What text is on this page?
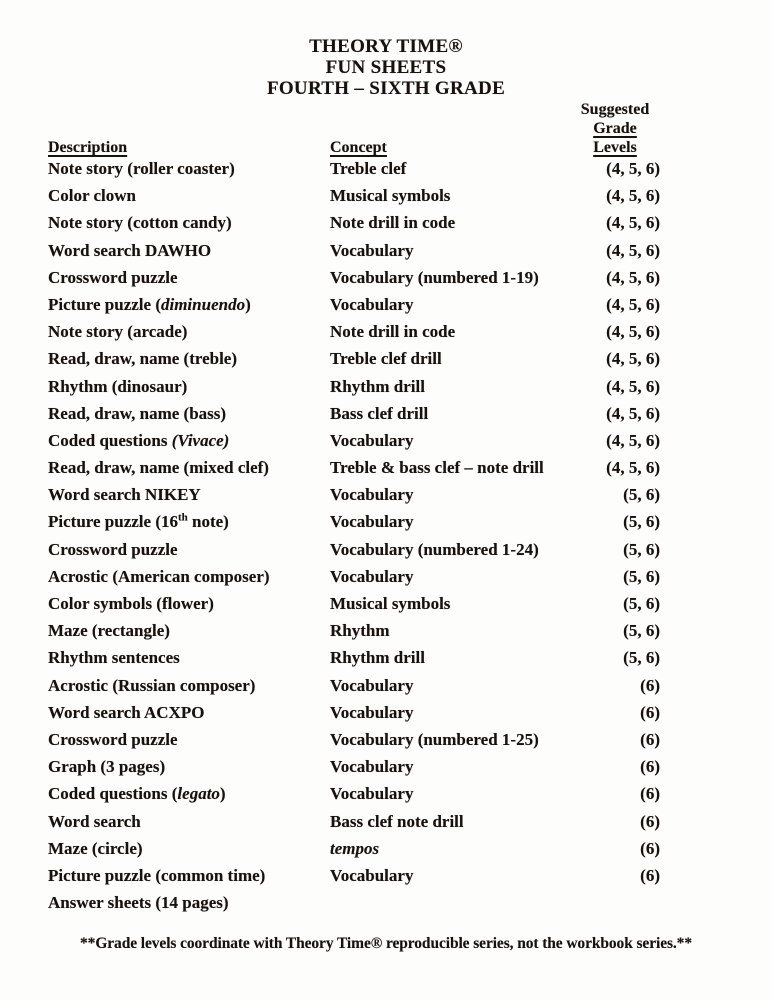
THEORY TIME®
FUN SHEETS
FOURTH – SIXTH GRADE
Description	Concept
Suggested
Grade Levels
Note story (roller coaster)	Treble clef	(4, 5, 6)
Color clown	Musical symbols	(4, 5, 6)
Note story (cotton candy)	Note drill in code	(4, 5, 6)
Word search DAWHO	Vocabulary	(4, 5, 6)
Crossword puzzle	Vocabulary (numbered 1-19)	(4, 5, 6)
Picture puzzle (diminuendo)	Vocabulary	(4, 5, 6)
Note story (arcade)	Note drill in code	(4, 5, 6)
Read, draw, name (treble)	Treble clef drill	(4, 5, 6)
Rhythm (dinosaur)	Rhythm drill	(4, 5, 6)
Read, draw, name (bass)	Bass clef drill	(4, 5, 6)
Coded questions (Vivace)	Vocabulary	(4, 5, 6)
Read, draw, name (mixed clef)	Treble & bass clef – note drill	(4, 5, 6)
Word search NIKEY	Vocabulary	(5, 6)
Picture puzzle (16th note)	Vocabulary	(5, 6)
Crossword puzzle	Vocabulary (numbered 1-24)	(5, 6)
Acrostic (American composer)	Vocabulary	(5, 6)
Color symbols (flower)	Musical symbols	(5, 6)
Maze (rectangle)	Rhythm	(5, 6)
Rhythm sentences	Rhythm drill	(5, 6)
Acrostic (Russian composer)	Vocabulary	(6)
Word search ACXPO	Vocabulary	(6)
Crossword puzzle	Vocabulary (numbered 1-25)	(6)
Graph (3 pages)	Vocabulary	(6)
Coded questions (legato)	Vocabulary	(6)
Word search	Bass clef note drill	(6)
Maze (circle)	tempos	(6)
Picture puzzle (common time)	Vocabulary	(6)
Answer sheets (14 pages)
**Grade levels coordinate with Theory Time® reproducible series, not the workbook series.**
